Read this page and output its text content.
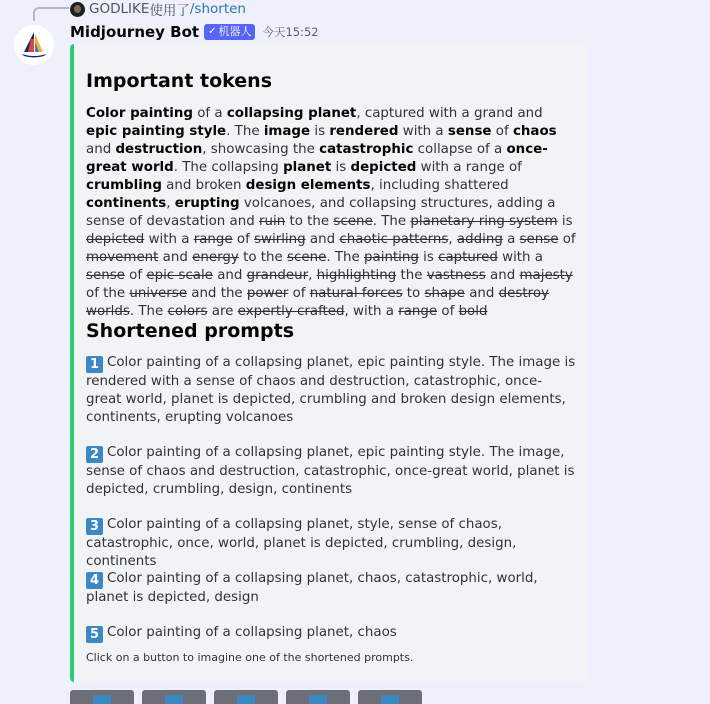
GODLIKE 使用了 /shorten
Midjourney Bot ✓ 机器人 今天15:52
Important tokens
Color painting of a collapsing planet, captured with a grand and epic painting style. The image is rendered with a sense of chaos and destruction, showcasing the catastrophic collapse of a once-great world. The collapsing planet is depicted with a range of crumbling and broken design elements, including shattered continents, erupting volcanoes, and collapsing structures, adding a sense of devastation and ruin to the scene. The planetary ring system is depicted with a range of swirling and chaotic patterns, adding a sense of movement and energy to the scene. The painting is captured with a sense of epic scale and grandeur, highlighting the vastness and majesty of the universe and the power of natural forces to shape and destroy worlds. The colors are expertly crafted, with a range of bold
Shortened prompts
1 Color painting of a collapsing planet, epic painting style. The image is rendered with a sense of chaos and destruction, catastrophic, once-great world, planet is depicted, crumbling and broken design elements, continents, erupting volcanoes
2 Color painting of a collapsing planet, epic painting style. The image, sense of chaos and destruction, catastrophic, once-great world, planet is depicted, crumbling, design, continents
3 Color painting of a collapsing planet, style, sense of chaos, catastrophic, once, world, planet is depicted, crumbling, design, continents
4 Color painting of a collapsing planet, chaos, catastrophic, world, planet is depicted, design
5 Color painting of a collapsing planet, chaos
Click on a button to imagine one of the shortened prompts.
